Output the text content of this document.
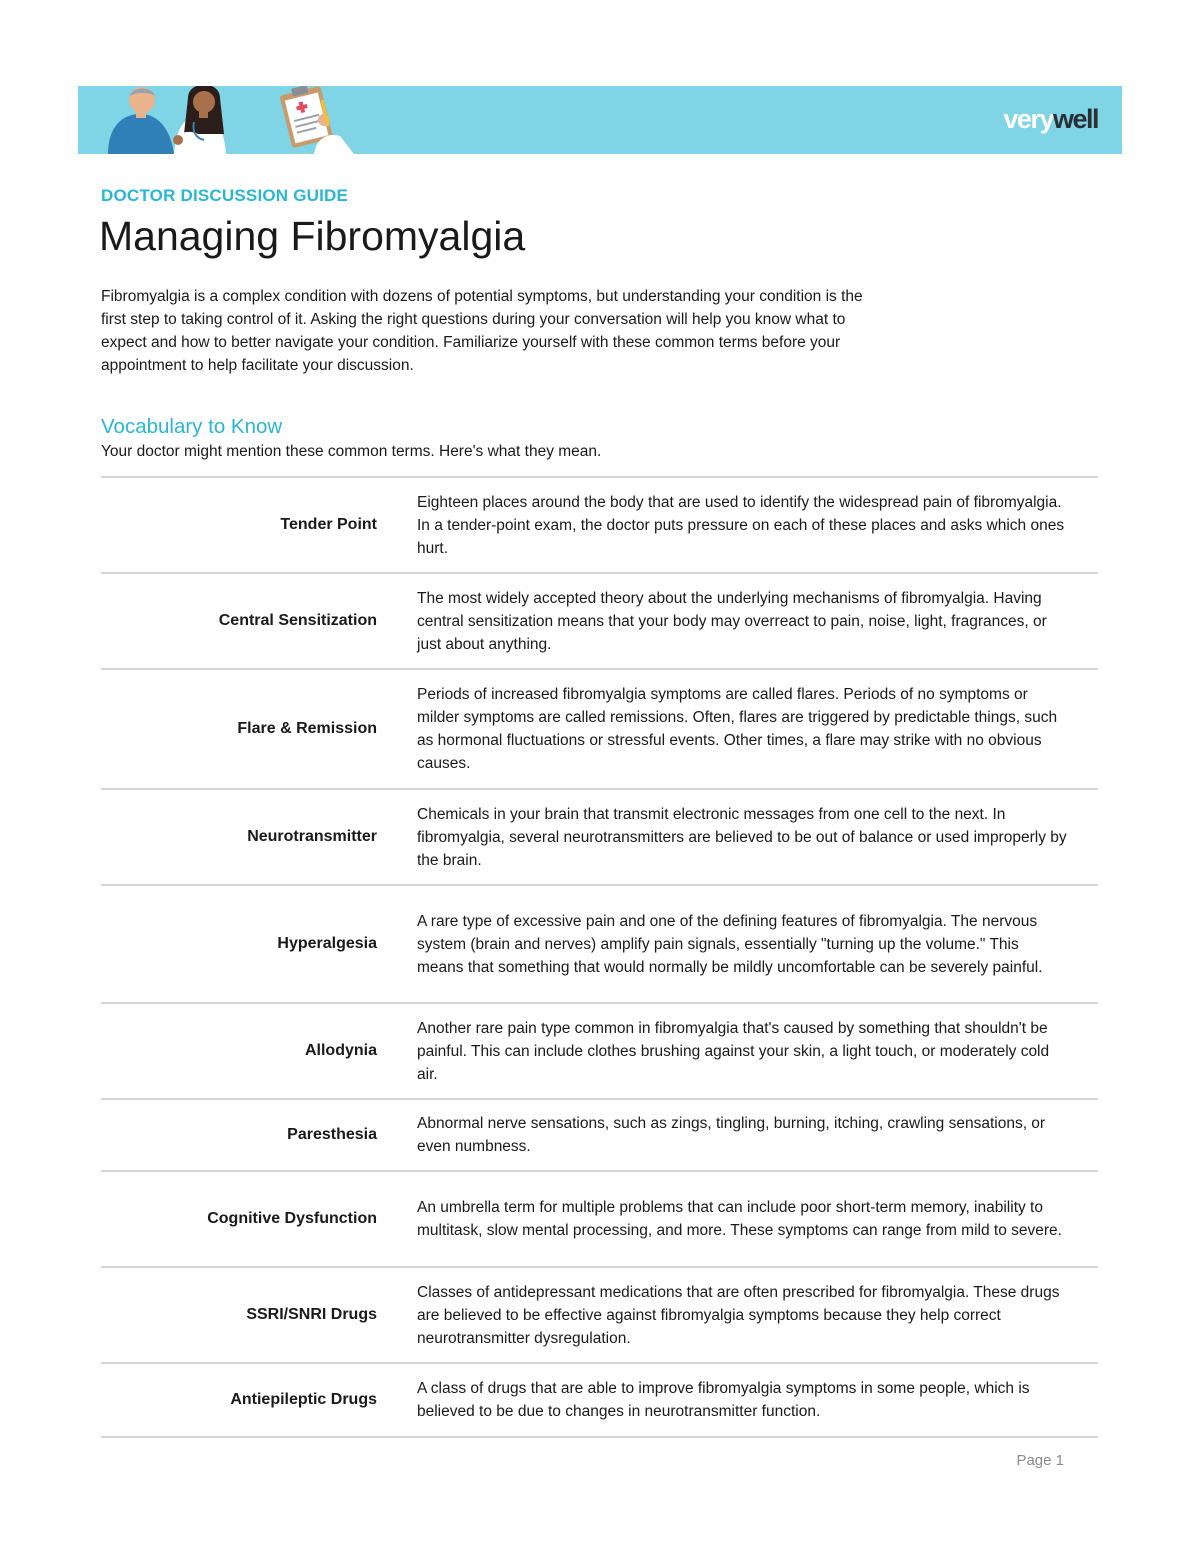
verywell
DOCTOR DISCUSSION GUIDE
Managing Fibromyalgia

Fibromyalgia is a complex condition with dozens of potential symptoms, but understanding your condition is the first step to taking control of it. Asking the right questions during your conversation will help you know what to expect and how to better navigate your condition. Familiarize yourself with these common terms before your appointment to help facilitate your discussion.

Vocabulary to Know

Your doctor might mention these common terms. Here's what they mean.

Tender Point
Eighteen places around the body that are used to identify the widespread pain of fibromyalgia. In a tender-point exam, the doctor puts pressure on each of these places and asks which ones hurt.
Central Sensitization
The most widely accepted theory about the underlying mechanisms of fibromyalgia. Having central sensitization means that your body may overreact to pain, noise, light, fragrances, or just about anything.
Flare & Remission
Periods of increased fibromyalgia symptoms are called flares. Periods of no symptoms or milder symptoms are called remissions. Often, flares are triggered by predictable things, such as hormonal fluctuations or stressful events. Other times, a flare may strike with no obvious causes.
Neurotransmitter
Chemicals in your brain that transmit electronic messages from one cell to the next. In fibromyalgia, several neurotransmitters are believed to be out of balance or used improperly by the brain.
Hyperalgesia
A rare type of excessive pain and one of the defining features of fibromyalgia. The nervous system (brain and nerves) amplify pain signals, essentially "turning up the volume." This means that something that would normally be mildly uncomfortable can be severely painful.
Allodynia
Another rare pain type common in fibromyalgia that's caused by something that shouldn't be painful. This can include clothes brushing against your skin, a light touch, or moderately cold air.
Paresthesia
Abnormal nerve sensations, such as zings, tingling, burning, itching, crawling sensations, or even numbness.
Cognitive Dysfunction
An umbrella term for multiple problems that can include poor short-term memory, inability to multitask, slow mental processing, and more. These symptoms can range from mild to severe.
SSRI/SNRI Drugs
Classes of antidepressant medications that are often prescribed for fibromyalgia. These drugs are believed to be effective against fibromyalgia symptoms because they help correct neurotransmitter dysregulation.
Antiepileptic Drugs
A class of drugs that are able to improve fibromyalgia symptoms in some people, which is believed to be due to changes in neurotransmitter function.
Page 1
